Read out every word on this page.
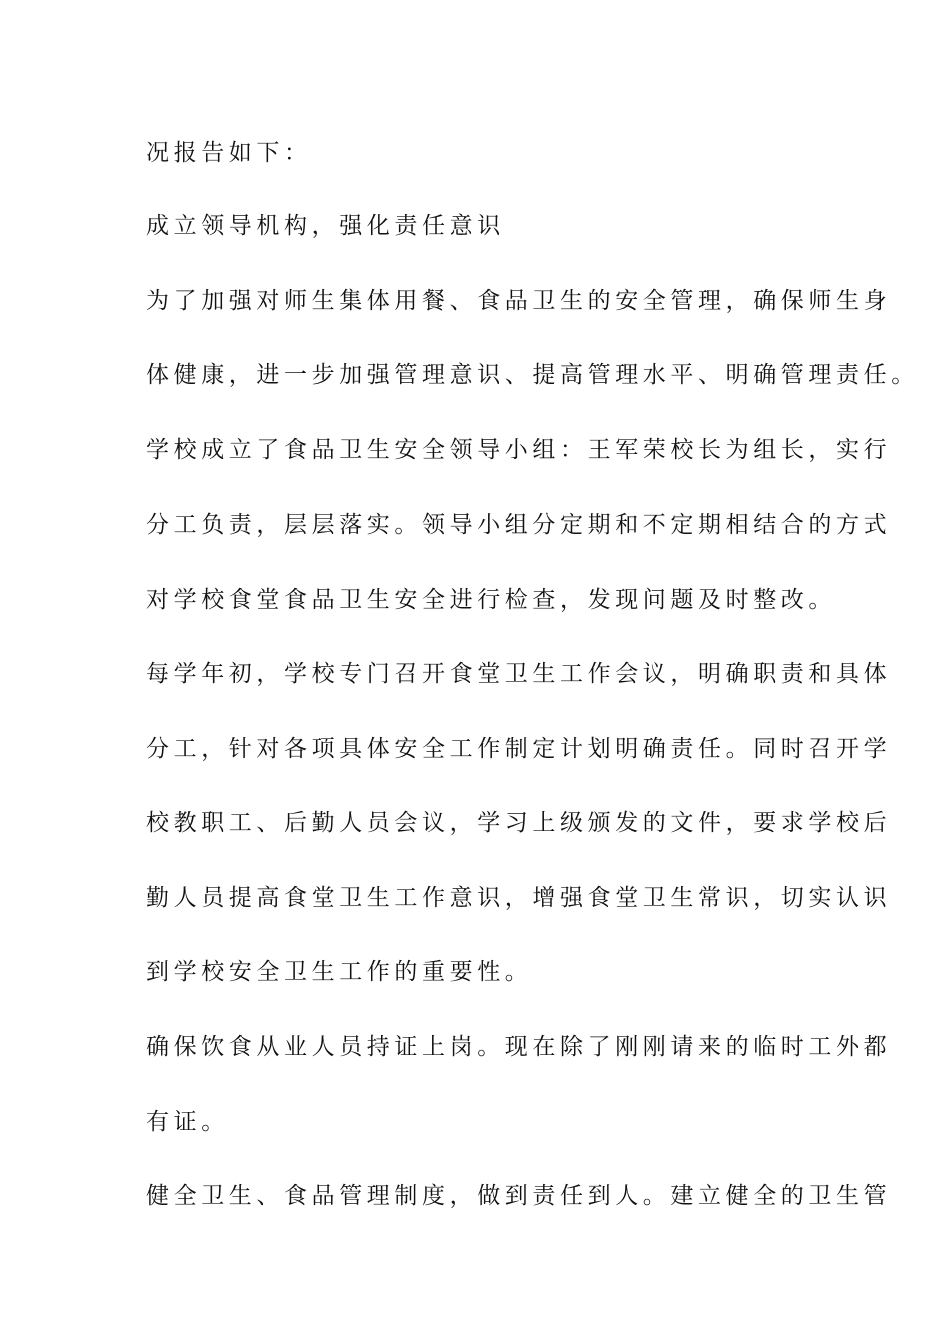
况报告如下：
成立领导机构，强化责任意识
为了加强对师生集体用餐、食品卫生的安全管理，确保师生身
体健康，进一步加强管理意识、提高管理水平、明确管理责任。
学校成立了食品卫生安全领导小组：王军荣校长为组长，实行
分工负责，层层落实。领导小组分定期和不定期相结合的方式
对学校食堂食品卫生安全进行检查，发现问题及时整改。
每学年初，学校专门召开食堂卫生工作会议，明确职责和具体
分工，针对各项具体安全工作制定计划明确责任。同时召开学
校教职工、后勤人员会议，学习上级颁发的文件，要求学校后
勤人员提高食堂卫生工作意识，增强食堂卫生常识，切实认识
到学校安全卫生工作的重要性。
确保饮食从业人员持证上岗。现在除了刚刚请来的临时工外都
有证。
健全卫生、食品管理制度，做到责任到人。建立健全的卫生管
